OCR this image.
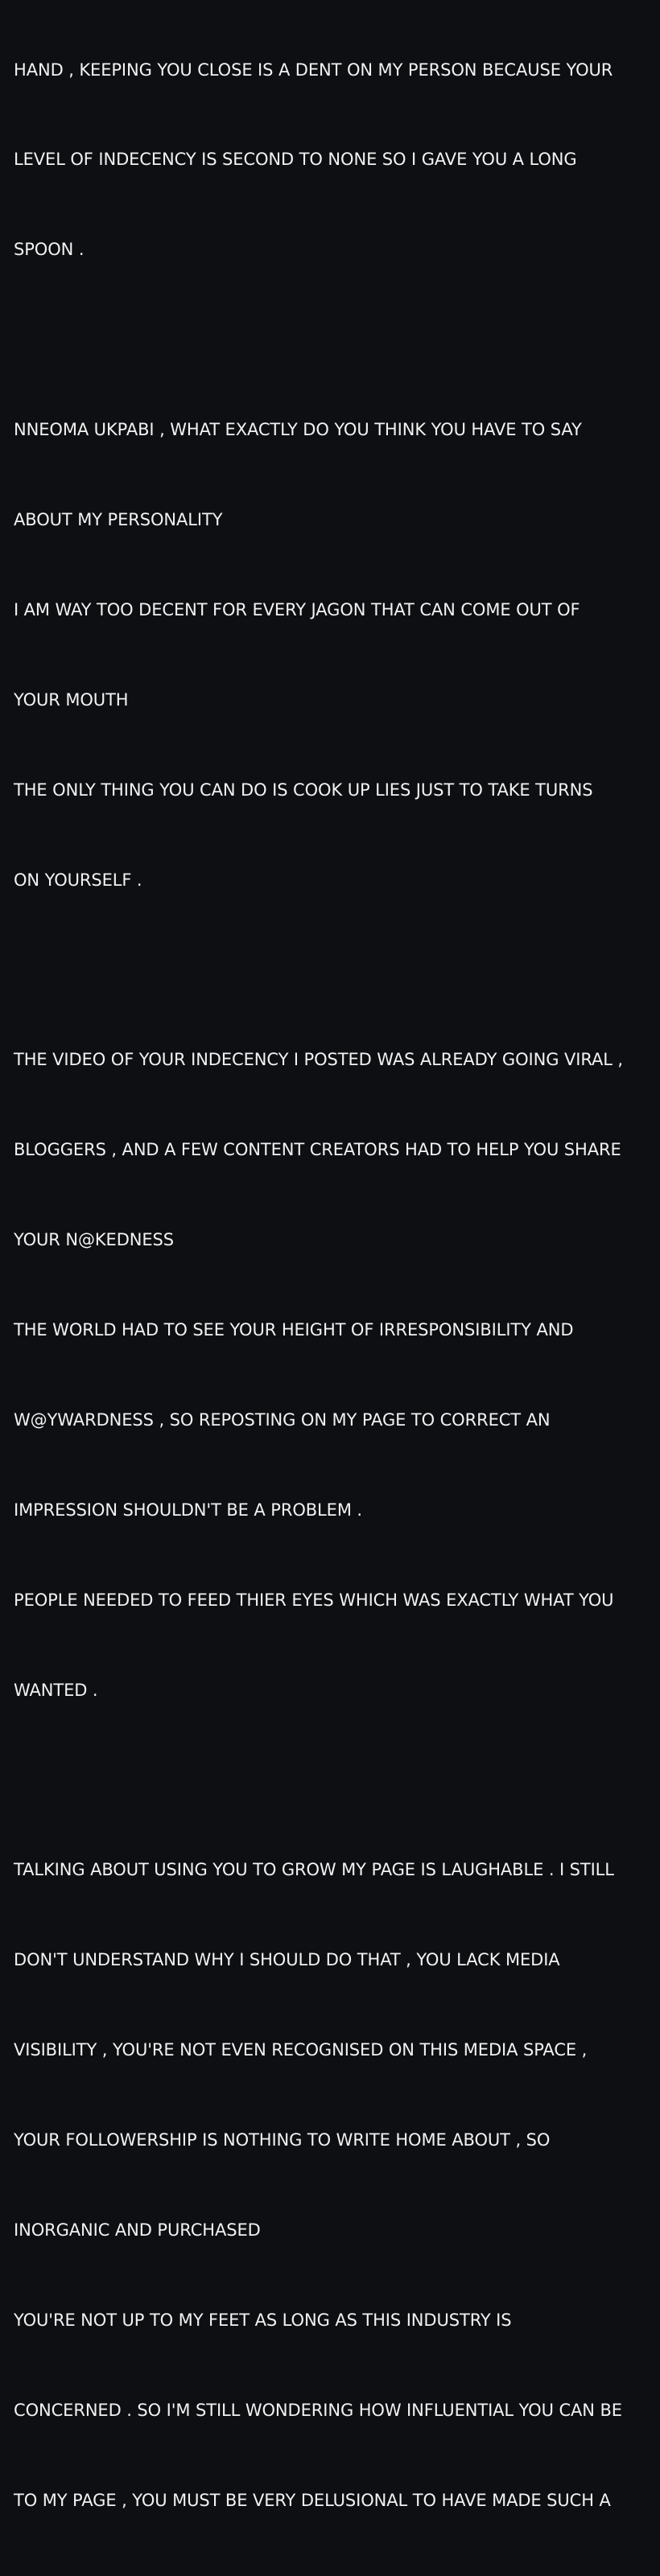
HAND , KEEPING YOU CLOSE IS A DENT ON MY PERSON BECAUSE YOUR

LEVEL OF INDECENCY IS SECOND TO NONE SO I GAVE YOU A LONG

SPOON .

NNEOMA UKPABI , WHAT EXACTLY DO YOU THINK YOU HAVE TO SAY

ABOUT MY PERSONALITY

I AM WAY TOO DECENT FOR EVERY JAGON THAT CAN COME OUT OF

YOUR MOUTH

THE ONLY THING YOU CAN DO IS COOK UP LIES JUST TO TAKE TURNS

ON YOURSELF .

THE VIDEO OF YOUR INDECENCY I POSTED WAS ALREADY GOING VIRAL ,

BLOGGERS , AND A FEW CONTENT CREATORS HAD TO HELP YOU SHARE

YOUR N@KEDNESS

THE WORLD HAD TO SEE YOUR HEIGHT OF IRRESPONSIBILITY AND

W@YWARDNESS , SO REPOSTING ON MY PAGE TO CORRECT AN

IMPRESSION SHOULDN'T BE A PROBLEM .

PEOPLE NEEDED TO FEED THIER EYES WHICH WAS EXACTLY WHAT YOU

WANTED .

TALKING ABOUT USING YOU TO GROW MY PAGE IS LAUGHABLE . I STILL

DON'T UNDERSTAND WHY I SHOULD DO THAT , YOU LACK MEDIA

VISIBILITY , YOU'RE NOT EVEN RECOGNISED ON THIS MEDIA SPACE ,

YOUR FOLLOWERSHIP IS NOTHING TO WRITE HOME ABOUT , SO

INORGANIC AND PURCHASED

YOU'RE NOT UP TO MY FEET AS LONG AS THIS INDUSTRY IS

CONCERNED . SO I'M STILL WONDERING HOW INFLUENTIAL YOU CAN BE

TO MY PAGE , YOU MUST BE VERY DELUSIONAL TO HAVE MADE SUCH A
